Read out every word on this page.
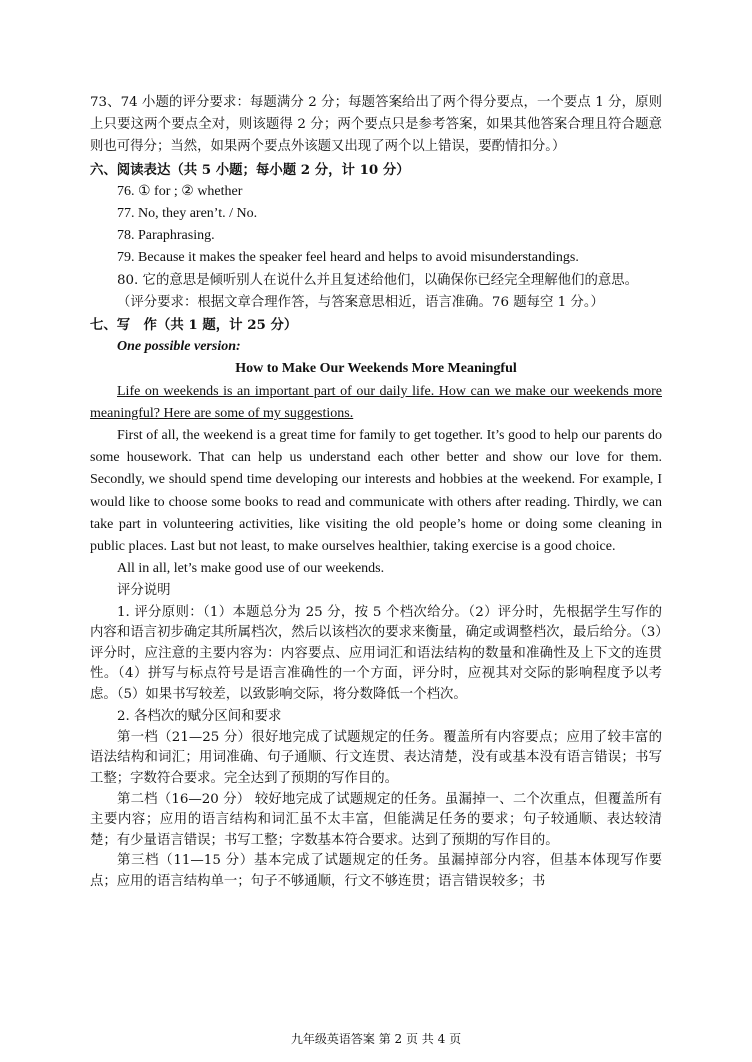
73、74 小题的评分要求：每题满分 2 分；每题答案给出了两个得分要点，一个要点 1 分，原则上只要这两个要点全对，则该题得 2 分；两个要点只是参考答案，如果其他答案合理且符合题意则也可得分；当然，如果两个要点外该题又出现了两个以上错误，要酌情扣分。）

六、阅读表达（共 5 小题；每小题 2 分，计 10 分）

76. ① for ; ② whether

77. No, they aren’t. / No.

78. Paraphrasing.

79. Because it makes the speaker feel heard and helps to avoid misunderstandings.

80. 它的意思是倾听别人在说什么并且复述给他们，以确保你已经完全理解他们的意思。

（评分要求：根据文章合理作答，与答案意思相近，语言准确。76 题每空 1 分。）

七、写　作（共 1 题，计 25 分）

One possible version:

How to Make Our Weekends More Meaningful

Life on weekends is an important part of our daily life. How can we make our weekends more meaningful? Here are some of my suggestions.

First of all, the weekend is a great time for family to get together. It’s good to help our parents do some housework. That can help us understand each other better and show our love for them. Secondly, we should spend time developing our interests and hobbies at the weekend. For example, I would like to choose some books to read and communicate with others after reading. Thirdly, we can take part in volunteering activities, like visiting the old people’s home or doing some cleaning in public places. Last but not least, to make ourselves healthier, taking exercise is a good choice.

All in all, let’s make good use of our weekends.

评分说明

1. 评分原则：（1）本题总分为 25 分，按 5 个档次给分。（2）评分时，先根据学生写作的内容和语言初步确定其所属档次，然后以该档次的要求来衡量，确定或调整档次，最后给分。（3）评分时，应注意的主要内容为：内容要点、应用词汇和语法结构的数量和准确性及上下文的连贯性。（4）拼写与标点符号是语言准确性的一个方面，评分时，应视其对交际的影响程度予以考虑。（5）如果书写较差，以致影响交际，将分数降低一个档次。

2. 各档次的赋分区间和要求

第一档（21—25 分）很好地完成了试题规定的任务。覆盖所有内容要点；应用了较丰富的语法结构和词汇；用词准确、句子通顺、行文连贯、表达清楚，没有或基本没有语言错误；书写工整；字数符合要求。完全达到了预期的写作目的。

第二档（16—20 分） 较好地完成了试题规定的任务。虽漏掉一、二个次重点，但覆盖所有主要内容；应用的语言结构和词汇虽不太丰富，但能满足任务的要求；句子较通顺、表达较清楚；有少量语言错误；书写工整；字数基本符合要求。达到了预期的写作目的。

第三档（11—15 分）基本完成了试题规定的任务。虽漏掉部分内容，但基本体现写作要点；应用的语言结构单一；句子不够通顺，行文不够连贯；语言错误较多；书

九年级英语答案 第 2 页 共 4 页
